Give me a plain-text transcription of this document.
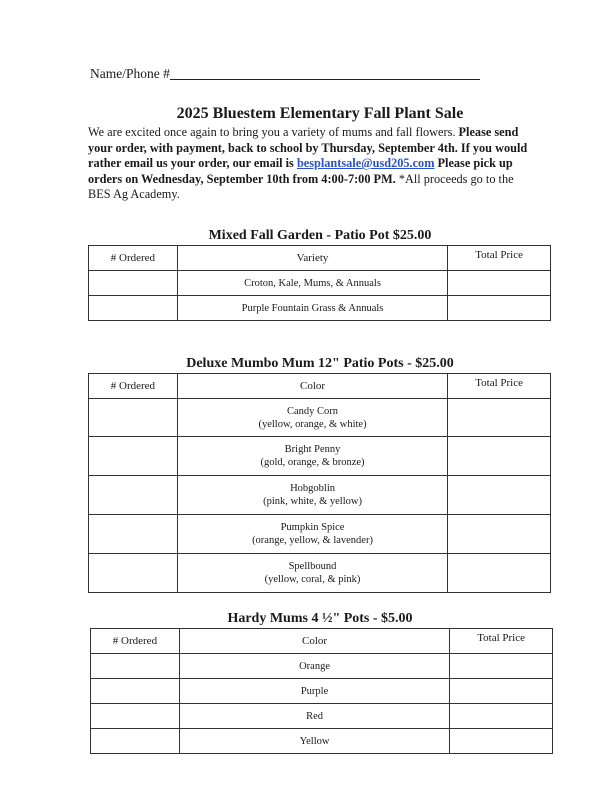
Name/Phone #
2025 Bluestem Elementary Fall Plant Sale
We are excited once again to bring you a variety of mums and fall flowers. Please send your order, with payment, back to school by Thursday, September 4th. If you would rather email us your order, our email is besplantsale@usd205.com Please pick up orders on Wednesday, September 10th from 4:00-7:00 PM. *All proceeds go to the BES Ag Academy.
Mixed Fall Garden - Patio Pot $25.00
# Ordered	Variety	Total Price
	Croton, Kale, Mums, & Annuals	
	Purple Fountain Grass & Annuals	
Deluxe Mumbo Mum 12" Patio Pots - $25.00
# Ordered	Color	Total Price
	Candy Corn
(yellow, orange, & white)	
	Bright Penny
(gold, orange, & bronze)	
	Hobgoblin
(pink, white, & yellow)	
	Pumpkin Spice
(orange, yellow, & lavender)	
	Spellbound
(yellow, coral, & pink)	
Hardy Mums 4 ½" Pots - $5.00
# Ordered	Color	Total Price
	Orange	
	Purple	
	Red	
	Yellow	
